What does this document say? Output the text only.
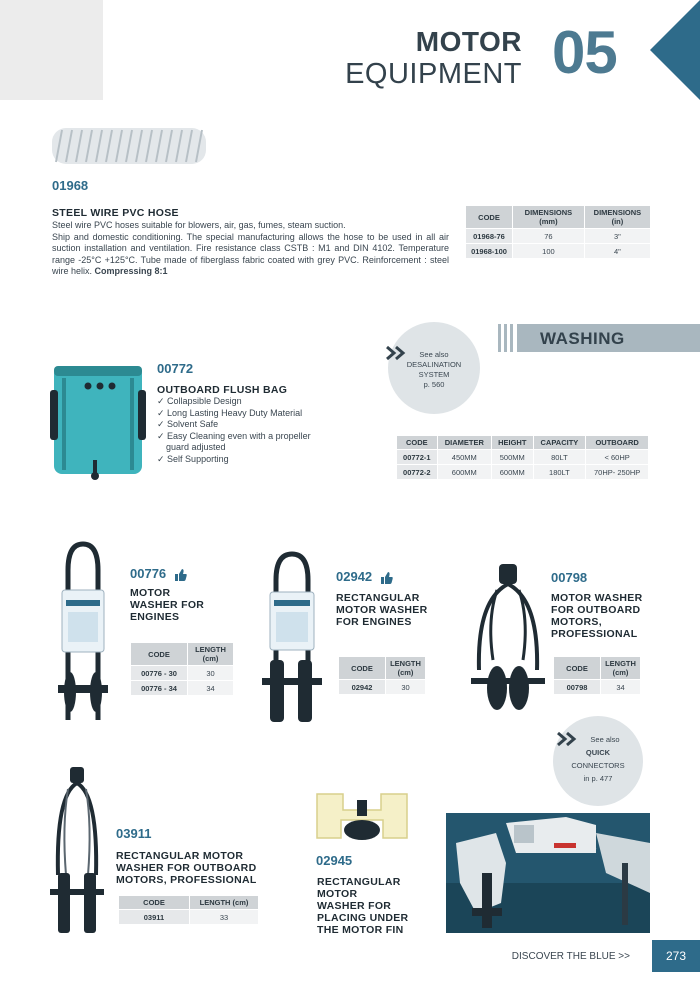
MOTOR
EQUIPMENT 05
01968
STEEL WIRE PVC HOSE
Steel wire PVC hoses suitable for blowers, air, gas, fumes, steam suction.
Ship and domestic conditioning. The special manufacturing allows the hose to be used in all air suction installation and ventilation. Fire resistance class CSTB : M1 and DIN 4102. Temperature range -25°C +125°C. Tube made of fiberglass fabric coated with grey PVC. Reinforcement : steel wire helix. Compressing 8:1
CODE	DIMENSIONS (mm)	DIMENSIONS (in)
01968-76	76	3"
01968-100	100	4"
See also
DESALINATION
SYSTEM
p. 560
WASHING
00772
OUTBOARD FLUSH BAG
✓ Collapsible Design
✓ Long Lasting Heavy Duty Material
✓ Solvent Safe
✓ Easy Cleaning even with a propeller
guard adjusted
✓ Self Supporting
CODE	DIAMETER	HEIGHT	CAPACITY	OUTBOARD
00772-1	450MM	500MM	80LT	< 60HP
00772-2	600MM	600MM	180LT	70HP- 250HP
00776
MOTOR
WASHER FOR
ENGINES
CODE	LENGTH (cm)
00776 - 30	30
00776 - 34	34
02942
RECTANGULAR
MOTOR WASHER
FOR ENGINES
CODE	LENGTH (cm)
02942	30
00798
MOTOR WASHER
FOR OUTBOARD
MOTORS,
PROFESSIONAL
CODE	LENGTH (cm)
00798	34
See also
QUICK
CONNECTORS
in p. 477
03911
RECTANGULAR MOTOR
WASHER FOR OUTBOARD
MOTORS, PROFESSIONAL
CODE	LENGTH (cm)
03911	33
02945
RECTANGULAR
MOTOR
WASHER FOR
PLACING UNDER
THE MOTOR FIN
DISCOVER THE BLUE >>	273
